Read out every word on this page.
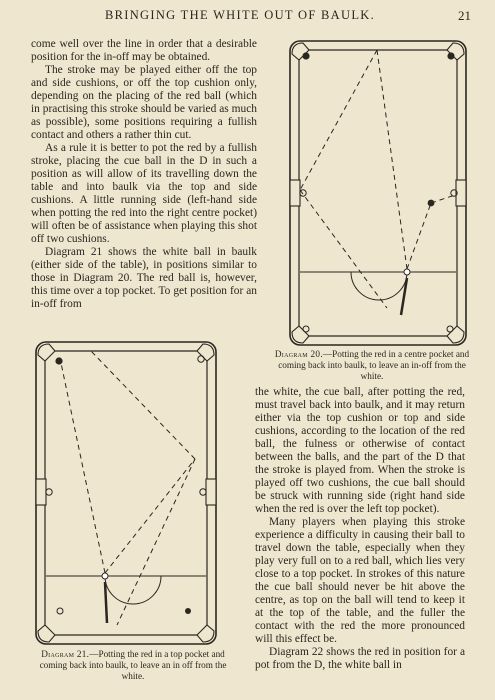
BRINGING THE WHITE OUT OF BAULK.	21

come well over the line in order that a desirable position for the in-off may be obtained.

The stroke may be played either off the top and side cushions, or off the top cushion only, depending on the placing of the red ball (which in practising this stroke should be varied as much as possible), some positions requiring a fullish contact and others a rather thin cut.

As a rule it is better to pot the red by a fullish stroke, placing the cue ball in the D in such a position as will allow of its travelling down the table and into baulk via the top and side cushions. A little running side (left-hand side when potting the red into the right centre pocket) will often be of assistance when playing this shot off two cushions.

Diagram 21 shows the white ball in baulk (either side of the table), in positions similar to those in Diagram 20. The red ball is, however, this time over a top pocket. To get position for an in-off from

Diagram 20.—Potting the red in a centre pocket and coming back into baulk, to leave an in-off from the white.
Diagram 21.—Potting the red in a top pocket and coming back into baulk, to leave an in off from the white.

the white, the cue ball, after potting the red, must travel back into baulk, and it may return either via the top cushion or top and side cushions, according to the location of the red ball, the fulness or otherwise of contact between the balls, and the part of the D that the stroke is played from. When the stroke is played off two cushions, the cue ball should be struck with running side (right hand side when the red is over the left top pocket).

Many players when playing this stroke experience a difficulty in causing their ball to travel down the table, especially when they play very full on to a red ball, which lies very close to a top pocket. In strokes of this nature the cue ball should never be hit above the centre, as top on the ball will tend to keep it at the top of the table, and the fuller the contact with the red the more pronounced will this effect be.

Diagram 22 shows the red in position for a pot from the D, the white ball in
